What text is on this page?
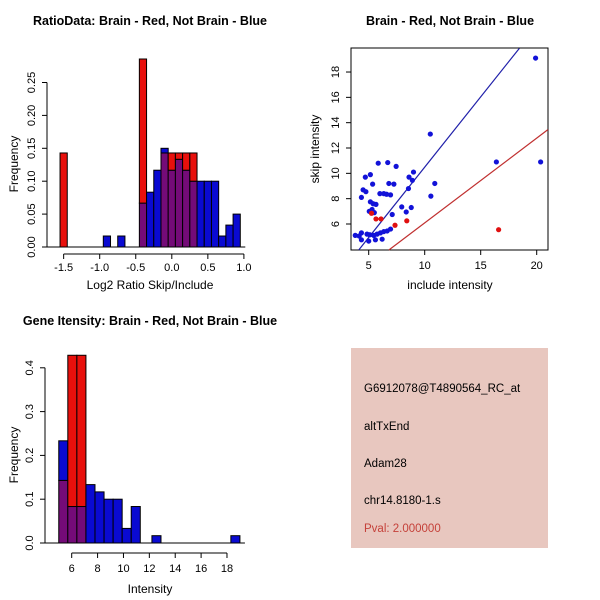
0.00
0.05
0.10
0.15
0.20
0.25
-1.5 -1.0 -0.5 0.0 0.5 1.0
RatioData: Brain - Red, Not Brain - Blue
Log2 Ratio Skip/Include
Frequency
5	10	15	20
6
8
10
12
14
16
18
Brain - Red, Not Brain - Blue
include intensity
skip intensity
0.0
0.1
0.2
0.3
0.4
6 8 10 12 14 16 18
Gene Itensity: Brain - Red, Not Brain - Blue
Intensity
Frequency
G6912078@T4890564_RC_at
altTxEnd
Adam28
chr14.8180-1.s
Pval: 2.000000
